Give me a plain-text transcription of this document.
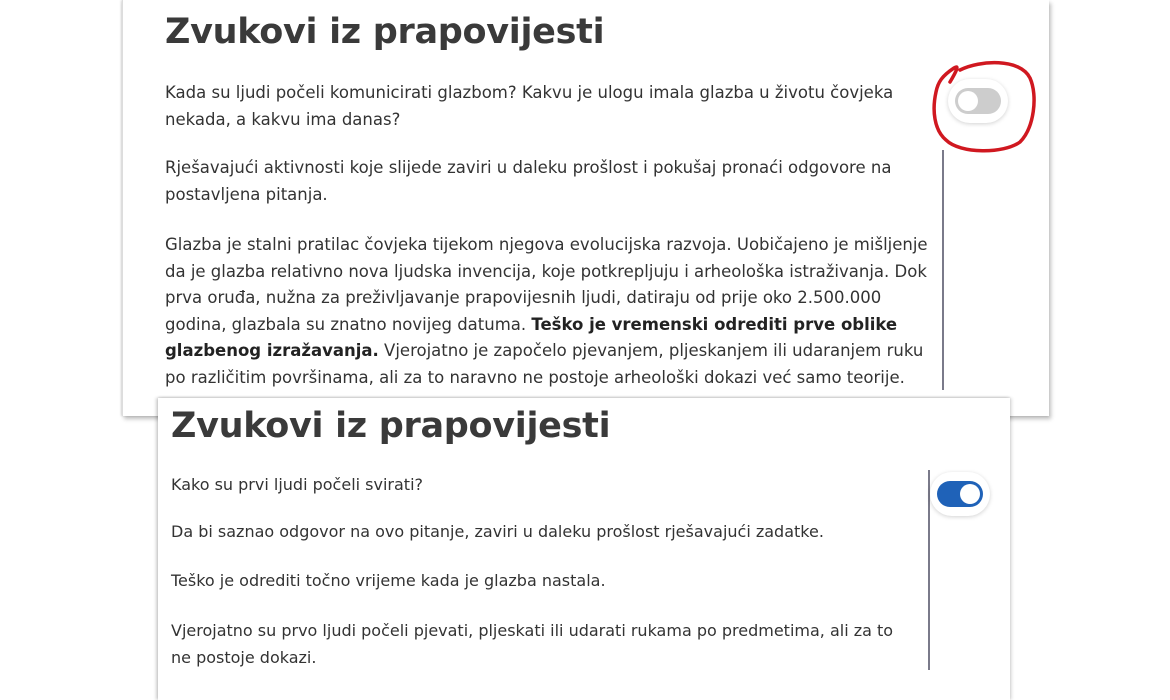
Zvukovi iz prapovijesti

Kada su ljudi počeli komunicirati glazbom? Kakvu je ulogu imala glazba u životu čovjeka nekada, a kakvu ima danas?

Rješavajući aktivnosti koje slijede zaviri u daleku prošlost i pokušaj pronaći odgovore na postavljena pitanja.

Glazba je stalni pratilac čovjeka tijekom njegova evolucijska razvoja. Uobičajeno je mišljenje da je glazba relativno nova ljudska invencija, koje potkrepljuju i arheološka istraživanja. Dok prva oruđa, nužna za preživljavanje prapovijesnih ljudi, datiraju od prije oko 2.500.000 godina, glazbala su znatno novijeg datuma. Teško je vremenski odrediti prve oblike glazbenog izražavanja. Vjerojatno je započelo pjevanjem, pljeskanjem ili udaranjem ruku po različitim površinama, ali za to naravno ne postoje arheološki dokazi već samo teorije.

Zvukovi iz prapovijesti

Kako su prvi ljudi počeli svirati?

Da bi saznao odgovor na ovo pitanje, zaviri u daleku prošlost rješavajući zadatke.

Teško je odrediti točno vrijeme kada je glazba nastala.

Vjerojatno su prvo ljudi počeli pjevati, pljeskati ili udarati rukama po predmetima, ali za to ne postoje dokazi.
